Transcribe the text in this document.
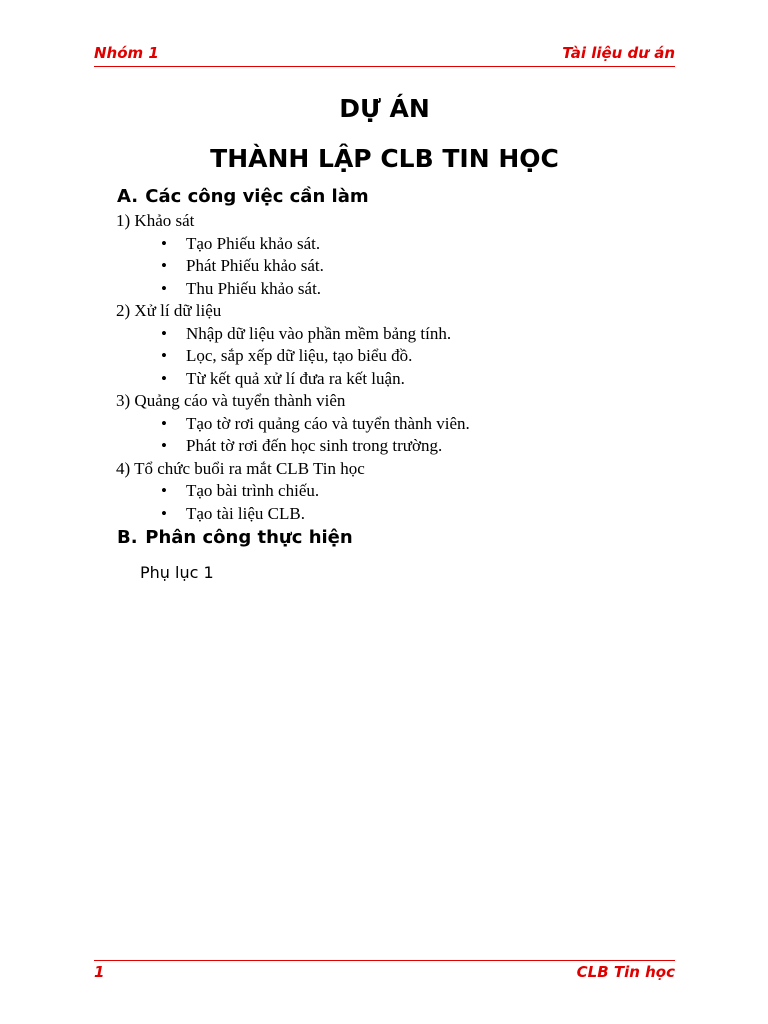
Nhóm 1	Tài liệu dư án
DỰ ÁN
THÀNH LẬP CLB TIN HỌC
A. Các công việc cần làm
1) Khảo sát
• Tạo Phiếu khảo sát.
• Phát Phiếu khảo sát.
• Thu Phiếu khảo sát.
2) Xử lí dữ liệu
• Nhập dữ liệu vào phần mềm bảng tính.
• Lọc, sắp xếp dữ liệu, tạo biểu đồ.
• Từ kết quả xử lí đưa ra kết luận.
3) Quảng cáo và tuyển thành viên
• Tạo tờ rơi quảng cáo và tuyển thành viên.
• Phát tờ rơi đến học sinh trong trường.
4) Tổ chức buổi ra mắt CLB Tin học
• Tạo bài trình chiếu.
• Tạo tài liệu CLB.
B. Phân công thực hiện
Phụ lục 1
1	CLB Tin học
